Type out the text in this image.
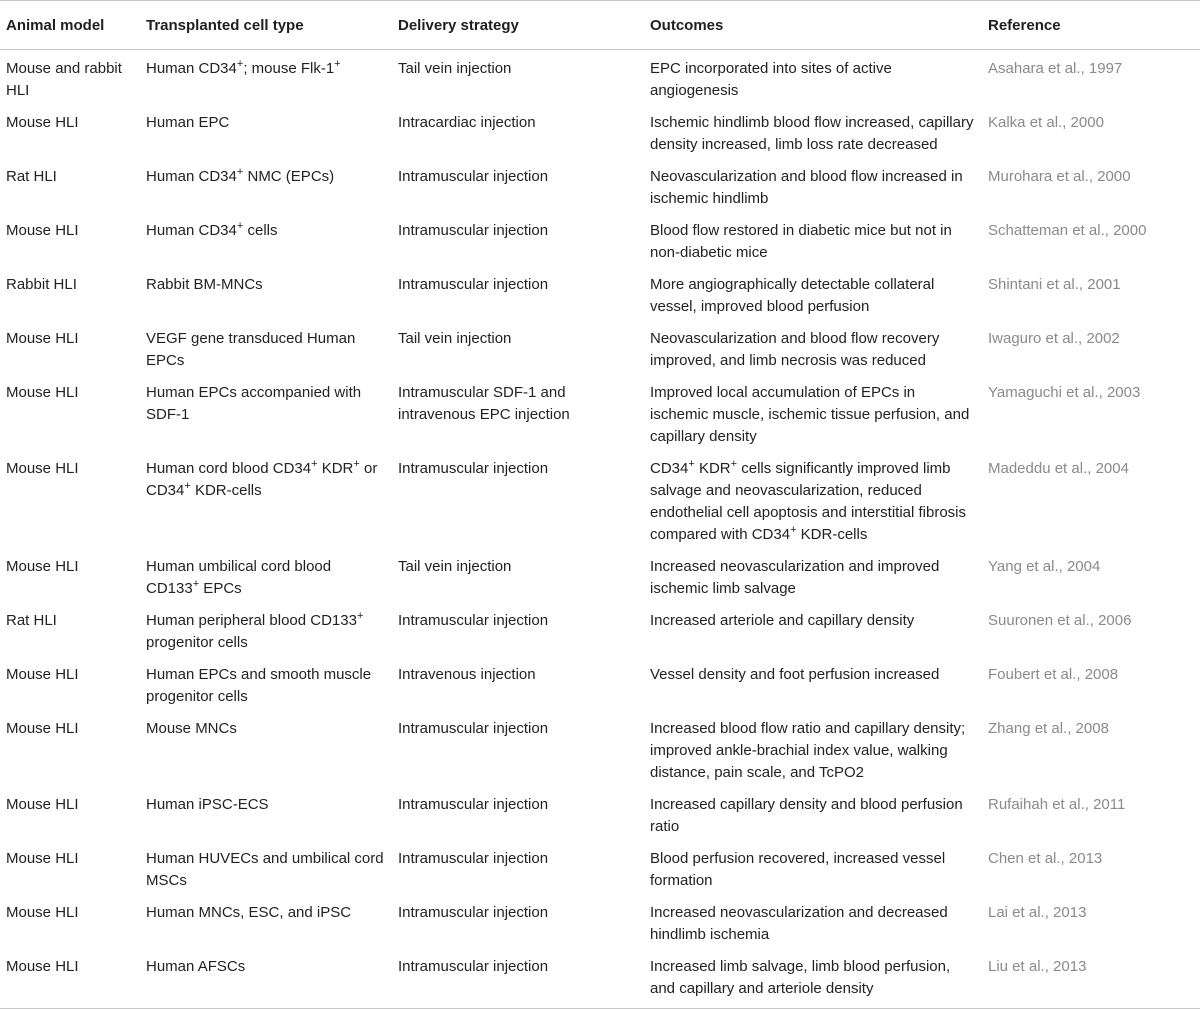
Animal model	Transplanted cell type	Delivery strategy	Outcomes	Reference
Mouse and rabbit HLI	Human CD34+; mouse Flk-1+	Tail vein injection	EPC incorporated into sites of active angiogenesis	Asahara et al., 1997
Mouse HLI	Human EPC	Intracardiac injection	Ischemic hindlimb blood flow increased, capillary density increased, limb loss rate decreased	Kalka et al., 2000
Rat HLI	Human CD34+ NMC (EPCs)	Intramuscular injection	Neovascularization and blood flow increased in ischemic hindlimb	Murohara et al., 2000
Mouse HLI	Human CD34+ cells	Intramuscular injection	Blood flow restored in diabetic mice but not in non-diabetic mice	Schatteman et al., 2000
Rabbit HLI	Rabbit BM-MNCs	Intramuscular injection	More angiographically detectable collateral vessel, improved blood perfusion	Shintani et al., 2001
Mouse HLI	VEGF gene transduced Human EPCs	Tail vein injection	Neovascularization and blood flow recovery improved, and limb necrosis was reduced	Iwaguro et al., 2002
Mouse HLI	Human EPCs accompanied with SDF-1	Intramuscular SDF-1 and intravenous EPC injection	Improved local accumulation of EPCs in ischemic muscle, ischemic tissue perfusion, and capillary density	Yamaguchi et al., 2003
Mouse HLI	Human cord blood CD34+ KDR+ or CD34+ KDR-cells	Intramuscular injection	CD34+ KDR+ cells significantly improved limb salvage and neovascularization, reduced endothelial cell apoptosis and interstitial fibrosis compared with CD34+ KDR-cells	Madeddu et al., 2004
Mouse HLI	Human umbilical cord blood CD133+ EPCs	Tail vein injection	Increased neovascularization and improved ischemic limb salvage	Yang et al., 2004
Rat HLI	Human peripheral blood CD133+ progenitor cells	Intramuscular injection	Increased arteriole and capillary density	Suuronen et al., 2006
Mouse HLI	Human EPCs and smooth muscle progenitor cells	Intravenous injection	Vessel density and foot perfusion increased	Foubert et al., 2008
Mouse HLI	Mouse MNCs	Intramuscular injection	Increased blood flow ratio and capillary density; improved ankle-brachial index value, walking distance, pain scale, and TcPO2	Zhang et al., 2008
Mouse HLI	Human iPSC-ECS	Intramuscular injection	Increased capillary density and blood perfusion ratio	Rufaihah et al., 2011
Mouse HLI	Human HUVECs and umbilical cord MSCs	Intramuscular injection	Blood perfusion recovered, increased vessel formation	Chen et al., 2013
Mouse HLI	Human MNCs, ESC, and iPSC	Intramuscular injection	Increased neovascularization and decreased hindlimb ischemia	Lai et al., 2013
Mouse HLI	Human AFSCs	Intramuscular injection	Increased limb salvage, limb blood perfusion, and capillary and arteriole density	Liu et al., 2013
